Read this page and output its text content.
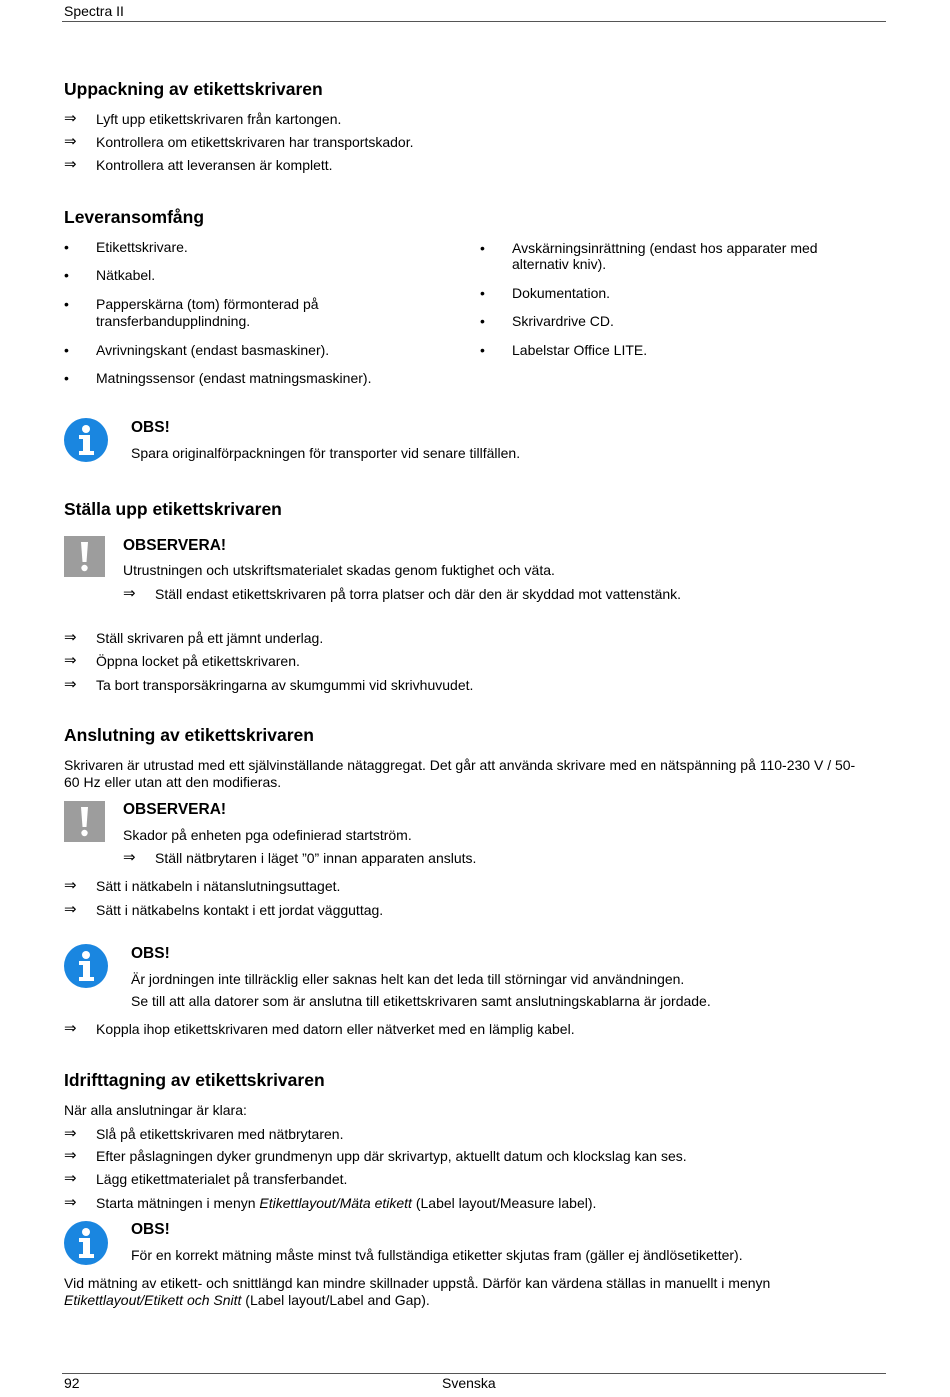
Spectra II
Uppackning av etikettskrivaren
⇒ Lyft upp etikettskrivaren från kartongen.
⇒ Kontrollera om etikettskrivaren har transportskador.
⇒ Kontrollera att leveransen är komplett.
Leveransomfång
• Etikettskrivare.
• Nätkabel.
• Papperskärna (tom) förmonterad på
transferbandupplindning.
• Avrivningskant (endast basmaskiner).
• Matningssensor (endast matningsmaskiner).
• Avskärningsinrättning (endast hos apparater med
alternativ kniv).
• Dokumentation.
• Skrivardrive CD.
• Labelstar Office LITE.
OBS!
Spara originalförpackningen för transporter vid senare tillfällen.
Ställa upp etikettskrivaren
OBSERVERA!
Utrustningen och utskriftsmaterialet skadas genom fuktighet och väta.
⇒ Ställ endast etikettskrivaren på torra platser och där den är skyddad mot vattenstänk.
⇒ Ställ skrivaren på ett jämnt underlag.
⇒ Öppna locket på etikettskrivaren.
⇒ Ta bort transporsäkringarna av skumgummi vid skrivhuvudet.
Anslutning av etikettskrivaren
Skrivaren är utrustad med ett självinställande nätaggregat. Det går att använda skrivare med en nätspänning på 110-230 V / 50-
60 Hz eller utan att den modifieras.
OBSERVERA!
Skador på enheten pga odefinierad startström.
⇒ Ställ nätbrytaren i läget ”0” innan apparaten ansluts.
⇒ Sätt i nätkabeln i nätanslutningsuttaget.
⇒ Sätt i nätkabelns kontakt i ett jordat vägguttag.
OBS!
Är jordningen inte tillräcklig eller saknas helt kan det leda till störningar vid användningen.
Se till att alla datorer som är anslutna till etikettskrivaren samt anslutningskablarna är jordade.
⇒ Koppla ihop etikettskrivaren med datorn eller nätverket med en lämplig kabel.
Idrifttagning av etikettskrivaren
När alla anslutningar är klara:
⇒ Slå på etikettskrivaren med nätbrytaren.
⇒ Efter påslagningen dyker grundmenyn upp där skrivartyp, aktuellt datum och klockslag kan ses.
⇒ Lägg etikettmaterialet på transferbandet.
⇒ Starta mätningen i menyn Etikettlayout/Mäta etikett (Label layout/Measure label).
OBS!
För en korrekt mätning måste minst två fullständiga etiketter skjutas fram (gäller ej ändlösetiketter).
Vid mätning av etikett- och snittlängd kan mindre skillnader uppstå. Därför kan värdena ställas in manuellt i menyn
Etikettlayout/Etikett och Snitt (Label layout/Label and Gap).
92	Svenska
